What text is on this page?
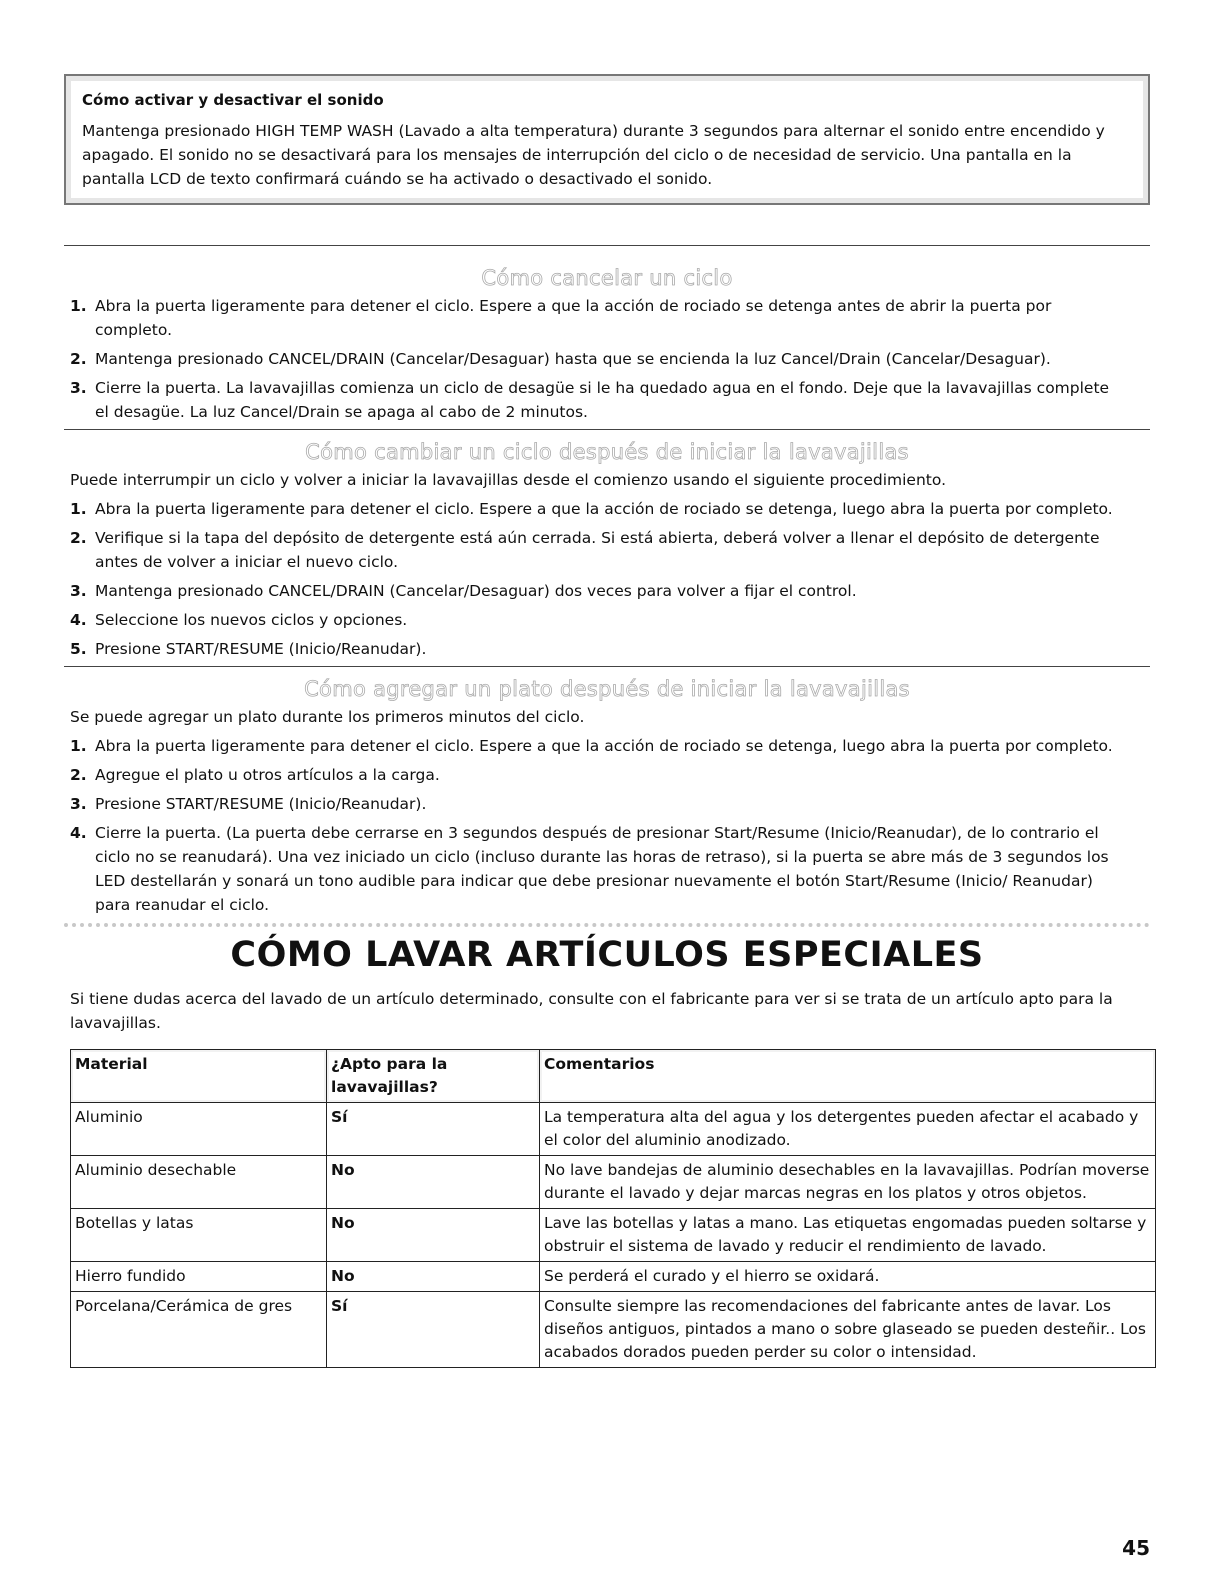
Cómo activar y desactivar el sonido

Mantenga presionado HIGH TEMP WASH (Lavado a alta temperatura) durante 3 segundos para alternar el sonido entre encendido y apagado. El sonido no se desactivará para los mensajes de interrupción del ciclo o de necesidad de servicio. Una pantalla en la pantalla LCD de texto confirmará cuándo se ha activado o desactivado el sonido.

Cómo cancelar un ciclo
1. Abra la puerta ligeramente para detener el ciclo. Espere a que la acción de rociado se detenga antes de abrir la puerta por completo.
2. Mantenga presionado CANCEL/DRAIN (Cancelar/Desaguar) hasta que se encienda la luz Cancel/Drain (Cancelar/Desaguar).
3. Cierre la puerta. La lavavajillas comienza un ciclo de desagüe si le ha quedado agua en el fondo. Deje que la lavavajillas complete el desagüe. La luz Cancel/Drain se apaga al cabo de 2 minutos.
Cómo cambiar un ciclo después de iniciar la lavavajillas
Puede interrumpir un ciclo y volver a iniciar la lavavajillas desde el comienzo usando el siguiente procedimiento.
1. Abra la puerta ligeramente para detener el ciclo. Espere a que la acción de rociado se detenga, luego abra la puerta por completo.
2. Verifique si la tapa del depósito de detergente está aún cerrada. Si está abierta, deberá volver a llenar el depósito de detergente antes de volver a iniciar el nuevo ciclo.
3. Mantenga presionado CANCEL/DRAIN (Cancelar/Desaguar) dos veces para volver a fijar el control.
4. Seleccione los nuevos ciclos y opciones.
5. Presione START/RESUME (Inicio/Reanudar).
Cómo agregar un plato después de iniciar la lavavajillas
Se puede agregar un plato durante los primeros minutos del ciclo.
1. Abra la puerta ligeramente para detener el ciclo. Espere a que la acción de rociado se detenga, luego abra la puerta por completo.
2. Agregue el plato u otros artículos a la carga.
3. Presione START/RESUME (Inicio/Reanudar).
4. Cierre la puerta. (La puerta debe cerrarse en 3 segundos después de presionar Start/Resume (Inicio/Reanudar), de lo contrario el ciclo no se reanudará). Una vez iniciado un ciclo (incluso durante las horas de retraso), si la puerta se abre más de 3 segundos los LED destellarán y sonará un tono audible para indicar que debe presionar nuevamente el botón Start/Resume (Inicio/ Reanudar) para reanudar el ciclo.
CÓMO LAVAR ARTÍCULOS ESPECIALES
Si tiene dudas acerca del lavado de un artículo determinado, consulte con el fabricante para ver si se trata de un artículo apto para la lavavajillas.
Material	¿Apto para la lavavajillas?	Comentarios
Aluminio	Sí	La temperatura alta del agua y los detergentes pueden afectar el acabado y el color del aluminio anodizado.
Aluminio desechable	No	No lave bandejas de aluminio desechables en la lavavajillas. Podrían moverse durante el lavado y dejar marcas negras en los platos y otros objetos.
Botellas y latas	No	Lave las botellas y latas a mano. Las etiquetas engomadas pueden soltarse y obstruir el sistema de lavado y reducir el rendimiento de lavado.
Hierro fundido	No	Se perderá el curado y el hierro se oxidará.
Porcelana/Cerámica de gres	Sí	Consulte siempre las recomendaciones del fabricante antes de lavar. Los diseños antiguos, pintados a mano o sobre glaseado se pueden desteñir.. Los acabados dorados pueden perder su color o intensidad.
45
